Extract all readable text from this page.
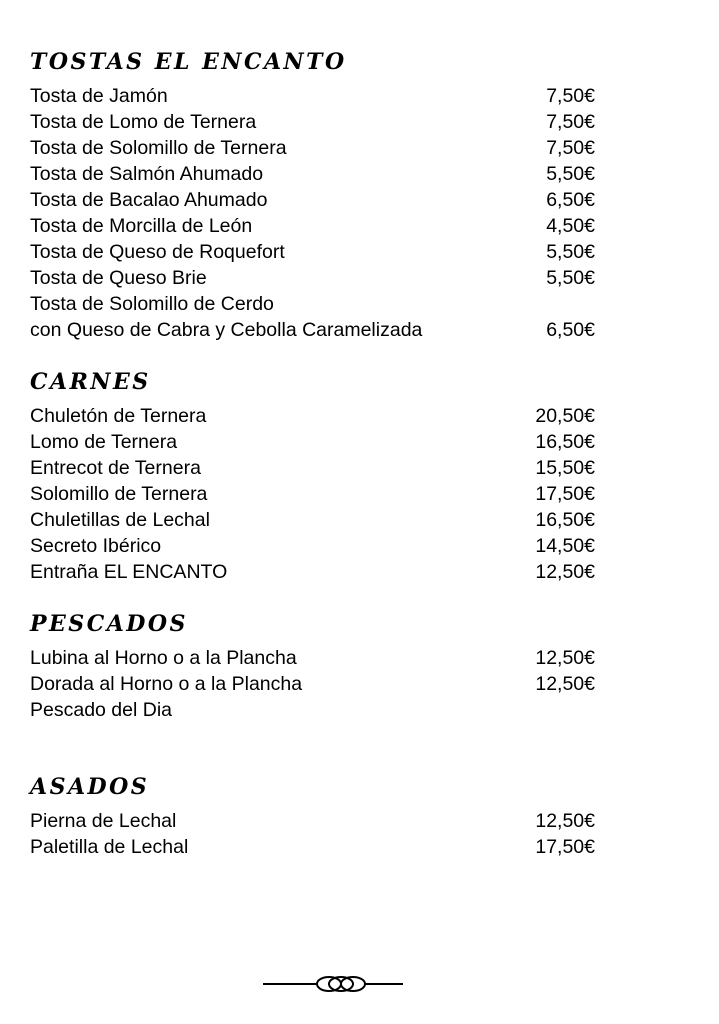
TOSTAS EL ENCANTO
Tosta de Jamón	7,50€
Tosta de Lomo de Ternera	7,50€
Tosta de Solomillo de Ternera	7,50€
Tosta de Salmón Ahumado	5,50€
Tosta de Bacalao Ahumado	6,50€
Tosta de Morcilla de León	4,50€
Tosta de Queso de Roquefort	5,50€
Tosta de Queso Brie	5,50€
Tosta de Solomillo de Cerdo
con Queso de Cabra y Cebolla Caramelizada	6,50€
CARNES
Chuletón de Ternera	20,50€
Lomo de Ternera	16,50€
Entrecot de Ternera	15,50€
Solomillo de Ternera	17,50€
Chuletillas de Lechal	16,50€
Secreto Ibérico	14,50€
Entraña EL ENCANTO	12,50€
PESCADOS
Lubina al Horno o a la Plancha	12,50€
Dorada al Horno o a la Plancha	12,50€
Pescado del Dia
ASADOS
Pierna de Lechal	12,50€
Paletilla de Lechal	17,50€
